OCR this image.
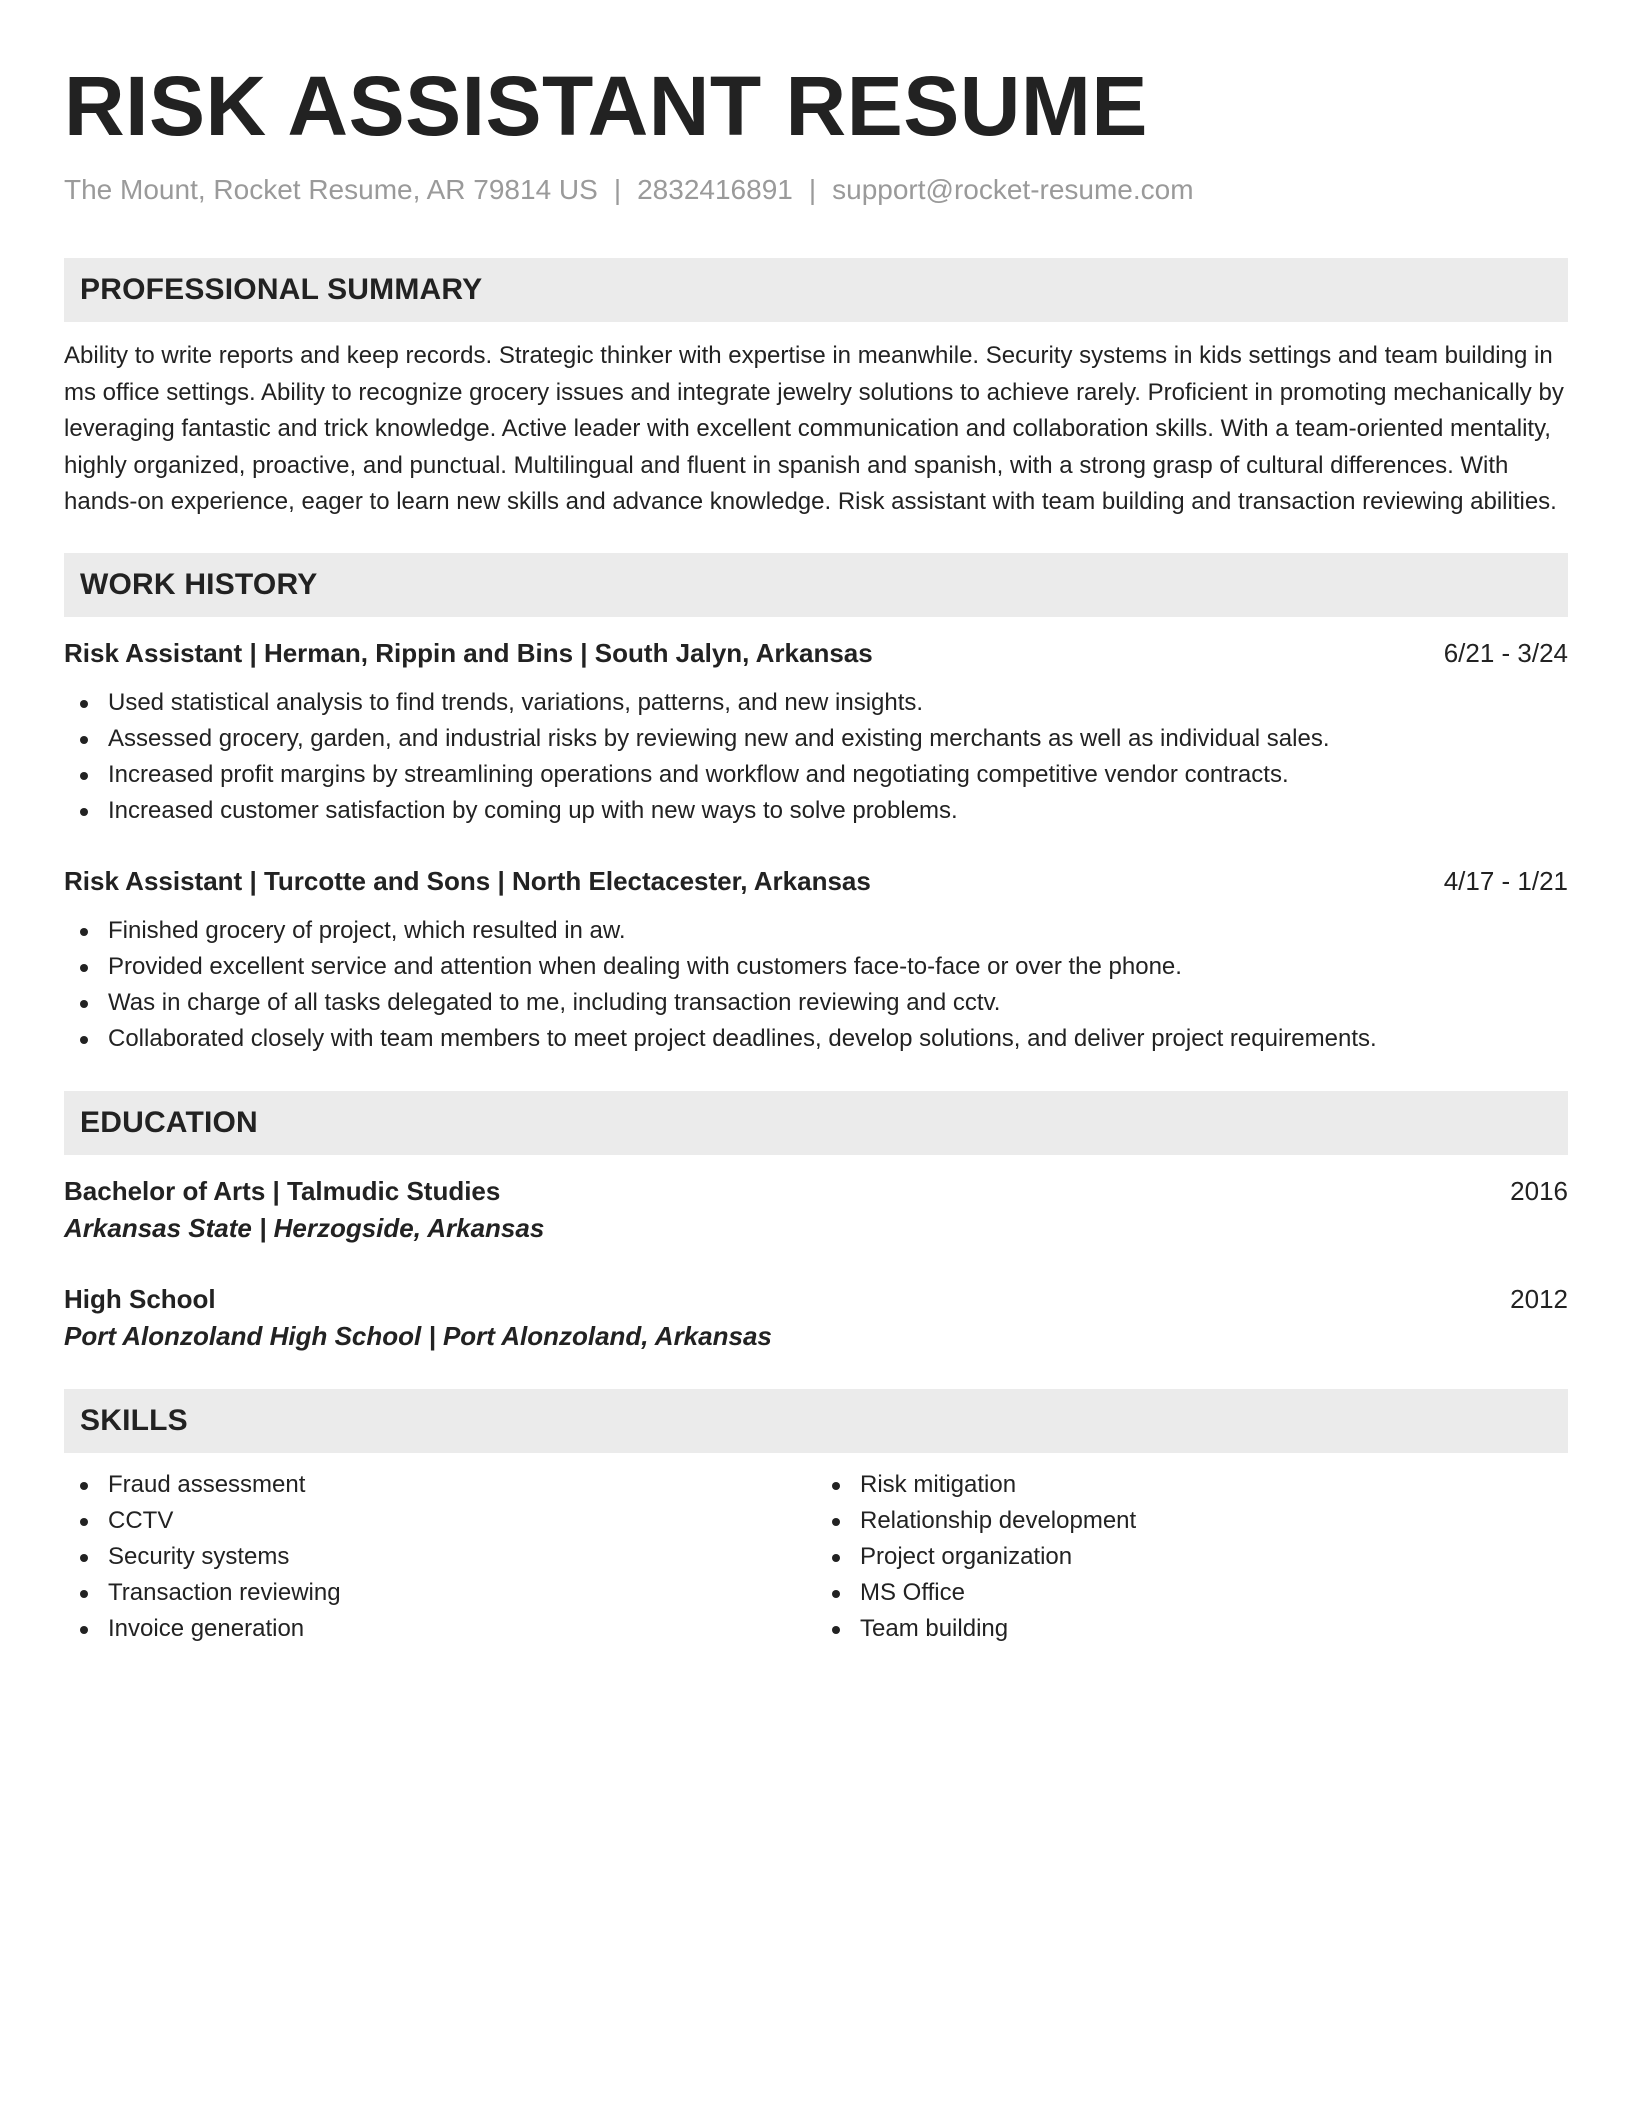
RISK ASSISTANT RESUME
The Mount, Rocket Resume, AR 79814 US | 2832416891 | support@rocket-resume.com
PROFESSIONAL SUMMARY

Ability to write reports and keep records. Strategic thinker with expertise in meanwhile. Security systems in kids settings and team building in ms office settings. Ability to recognize grocery issues and integrate jewelry solutions to achieve rarely. Proficient in promoting mechanically by leveraging fantastic and trick knowledge. Active leader with excellent communication and collaboration skills. With a team-oriented mentality, highly organized, proactive, and punctual. Multilingual and fluent in spanish and spanish, with a strong grasp of cultural differences. With hands-on experience, eager to learn new skills and advance knowledge. Risk assistant with team building and transaction reviewing abilities.

WORK HISTORY
Risk Assistant | Herman, Rippin and Bins | South Jalyn, Arkansas	6/21 - 3/24
Used statistical analysis to find trends, variations, patterns, and new insights.
Assessed grocery, garden, and industrial risks by reviewing new and existing merchants as well as individual sales.
Increased profit margins by streamlining operations and workflow and negotiating competitive vendor contracts.
Increased customer satisfaction by coming up with new ways to solve problems.
Risk Assistant | Turcotte and Sons | North Electacester, Arkansas	4/17 - 1/21
Finished grocery of project, which resulted in aw.
Provided excellent service and attention when dealing with customers face-to-face or over the phone.
Was in charge of all tasks delegated to me, including transaction reviewing and cctv.
Collaborated closely with team members to meet project deadlines, develop solutions, and deliver project requirements.
EDUCATION
Bachelor of Arts | Talmudic Studies	2016
Arkansas State | Herzogside, Arkansas
High School	2012
Port Alonzoland High School | Port Alonzoland, Arkansas
SKILLS
Fraud assessment
CCTV
Security systems
Transaction reviewing
Invoice generation
Risk mitigation
Relationship development
Project organization
MS Office
Team building
